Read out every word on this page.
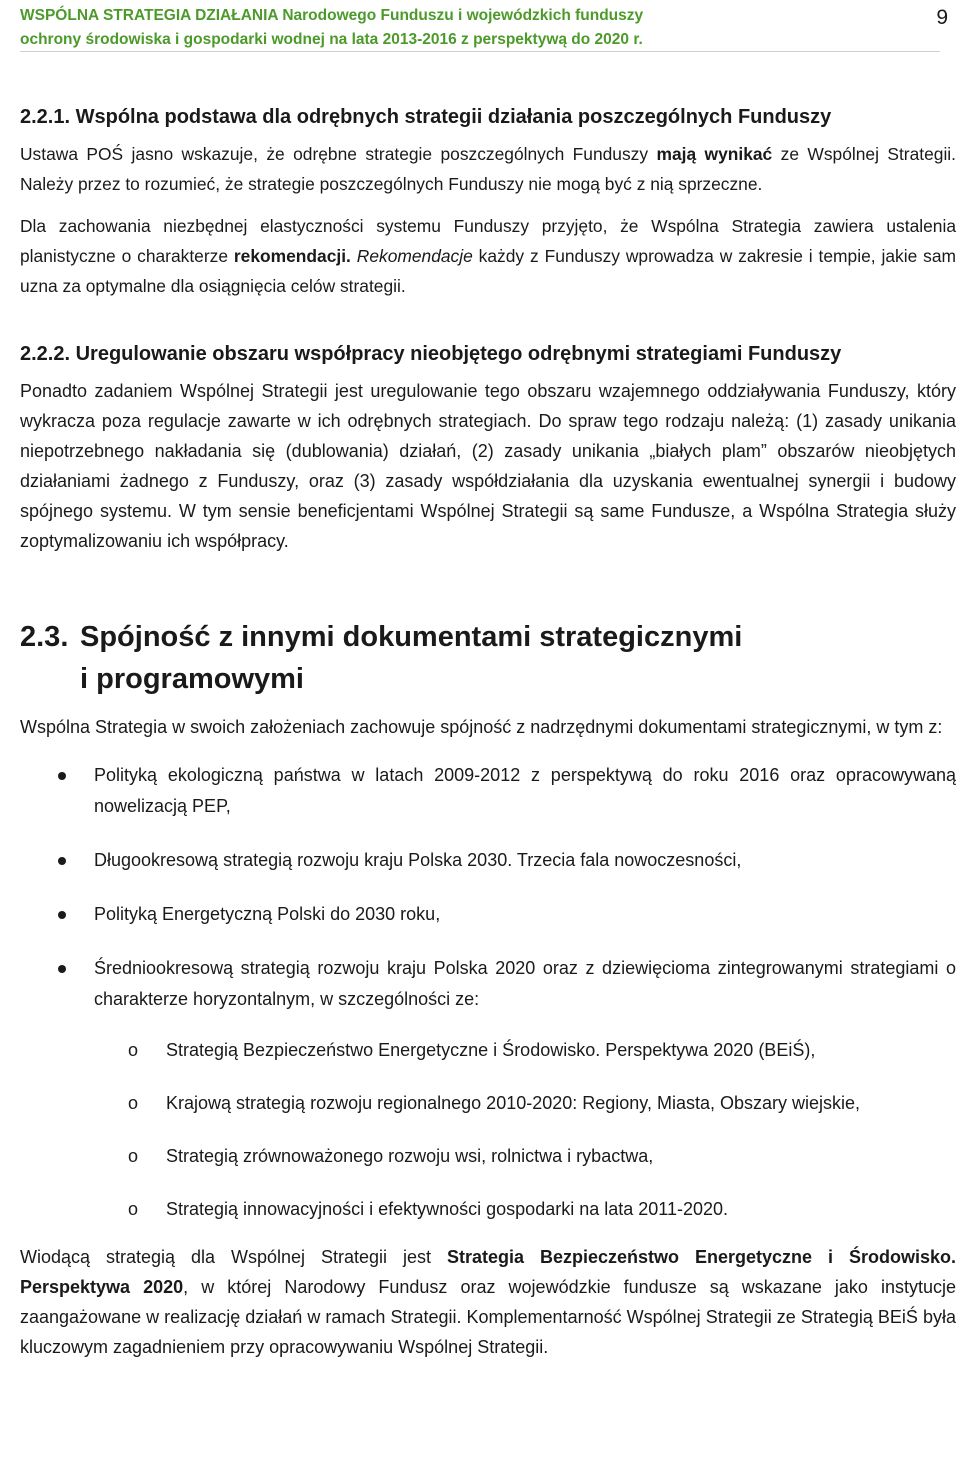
WSPÓLNA STRATEGIA DZIAŁANIA Narodowego Funduszu i wojewódzkich funduszy
ochrony środowiska i gospodarki wodnej na lata 2013-2016 z perspektywą do 2020 r.
9
2.2.1. Wspólna podstawa dla odrębnych strategii działania poszczególnych Funduszy

Ustawa POŚ jasno wskazuje, że odrębne strategie poszczególnych Funduszy mają wynikać ze Wspólnej Strategii. Należy przez to rozumieć, że strategie poszczególnych Funduszy nie mogą być z nią sprzeczne.

Dla zachowania niezbędnej elastyczności systemu Funduszy przyjęto, że Wspólna Strategia zawiera ustalenia planistyczne o charakterze rekomendacji. Rekomendacje każdy z Funduszy wprowadza w zakresie i tempie, jakie sam uzna za optymalne dla osiągnięcia celów strategii.

2.2.2. Uregulowanie obszaru współpracy nieobjętego odrębnymi strategiami Funduszy

Ponadto zadaniem Wspólnej Strategii jest uregulowanie tego obszaru wzajemnego oddziaływania Funduszy, który wykracza poza regulacje zawarte w ich odrębnych strategiach. Do spraw tego rodzaju należą: (1) zasady unikania niepotrzebnego nakładania się (dublowania) działań, (2) zasady unikania „białych plam” obszarów nieobjętych działaniami żadnego z Funduszy, oraz (3) zasady współdziałania dla uzyskania ewentualnej synergii i budowy spójnego systemu. W tym sensie beneficjentami Wspólnej Strategii są same Fundusze, a Wspólna Strategia służy zoptymalizowaniu ich współpracy.

2.3. Spójność z innymi dokumentami strategicznymi
i programowymi

Wspólna Strategia w swoich założeniach zachowuje spójność z nadrzędnymi dokumentami strategicznymi, w tym z:

Polityką ekologiczną państwa w latach 2009-2012 z perspektywą do roku 2016 oraz opracowywaną nowelizacją PEP,
Długookresową strategią rozwoju kraju Polska 2030. Trzecia fala nowoczesności,
Polityką Energetyczną Polski do 2030 roku,
Średniookresową strategią rozwoju kraju Polska 2020 oraz z dziewięcioma zintegrowanymi strategiami o charakterze horyzontalnym, w szczególności ze:
o Strategią Bezpieczeństwo Energetyczne i Środowisko. Perspektywa 2020 (BEiŚ),
o Krajową strategią rozwoju regionalnego 2010-2020: Regiony, Miasta, Obszary wiejskie,
o Strategią zrównoważonego rozwoju wsi, rolnictwa i rybactwa,
o Strategią innowacyjności i efektywności gospodarki na lata 2011-2020.

Wiodącą strategią dla Wspólnej Strategii jest Strategia Bezpieczeństwo Energetyczne i Środowisko. Perspektywa 2020, w której Narodowy Fundusz oraz wojewódzkie fundusze są wskazane jako instytucje zaangażowane w realizację działań w ramach Strategii. Komplementarność Wspólnej Strategii ze Strategią BEiŚ była kluczowym zagadnieniem przy opracowywaniu Wspólnej Strategii.
